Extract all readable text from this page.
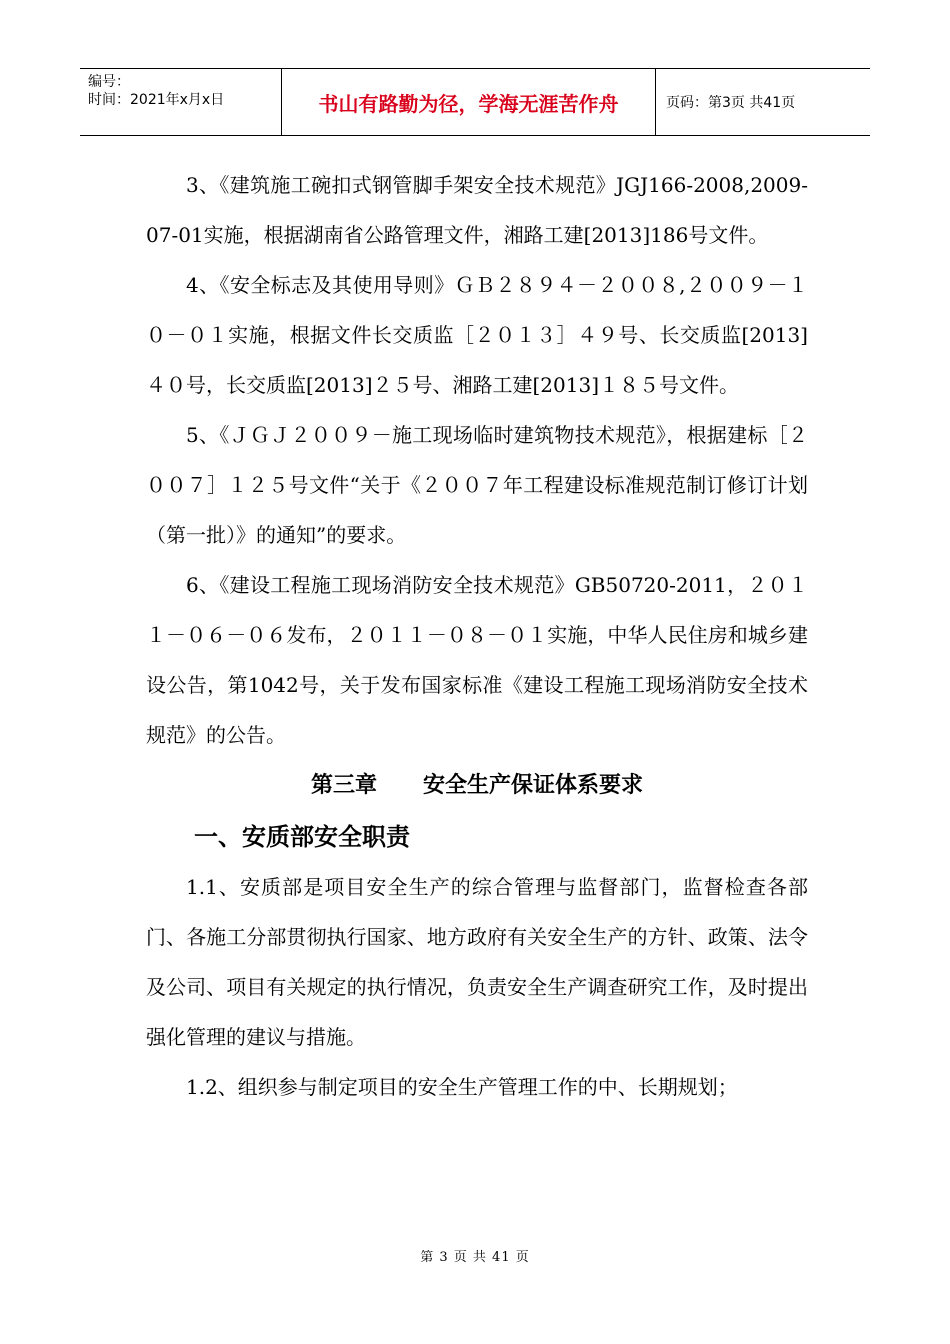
编号：
时间：2021年x月x日	书山有路勤为径，学海无涯苦作舟	页码：第3页 共41页

3、《建筑施工碗扣式钢管脚手架安全技术规范》JGJ166-2008,2009-07-01实施，根据湖南省公路管理文件，湘路工建[2013]186号文件。

4、《安全标志及其使用导则》ＧＢ２８９４－２００８,２００９－１０－０１实施，根据文件长交质监［２０１３］４９号、长交质监[2013]４０号，长交质监[2013]２５号、湘路工建[2013]１８５号文件。

5、《ＪＧＪ２００９－施工现场临时建筑物技术规范》，根据建标［２００７］１２５号文件“关于《２００７年工程建设标准规范制订修订计划（第一批）》的通知”的要求。

6、《建设工程施工现场消防安全技术规范》GB50720-2011，２０１１－０６－０６发布，２０１１－０８－０１实施，中华人民住房和城乡建设公告，第1042号，关于发布国家标准《建设工程施工现场消防安全技术规范》的公告。

第三章      安全生产保证体系要求

一、安质部安全职责

1.1、安质部是项目安全生产的综合管理与监督部门，监督检查各部门、各施工分部贯彻执行国家、地方政府有关安全生产的方针、政策、法令及公司、项目有关规定的执行情况，负责安全生产调查研究工作，及时提出强化管理的建议与措施。

1.2、组织参与制定项目的安全生产管理工作的中、长期规划；

第 3 页 共 41 页
